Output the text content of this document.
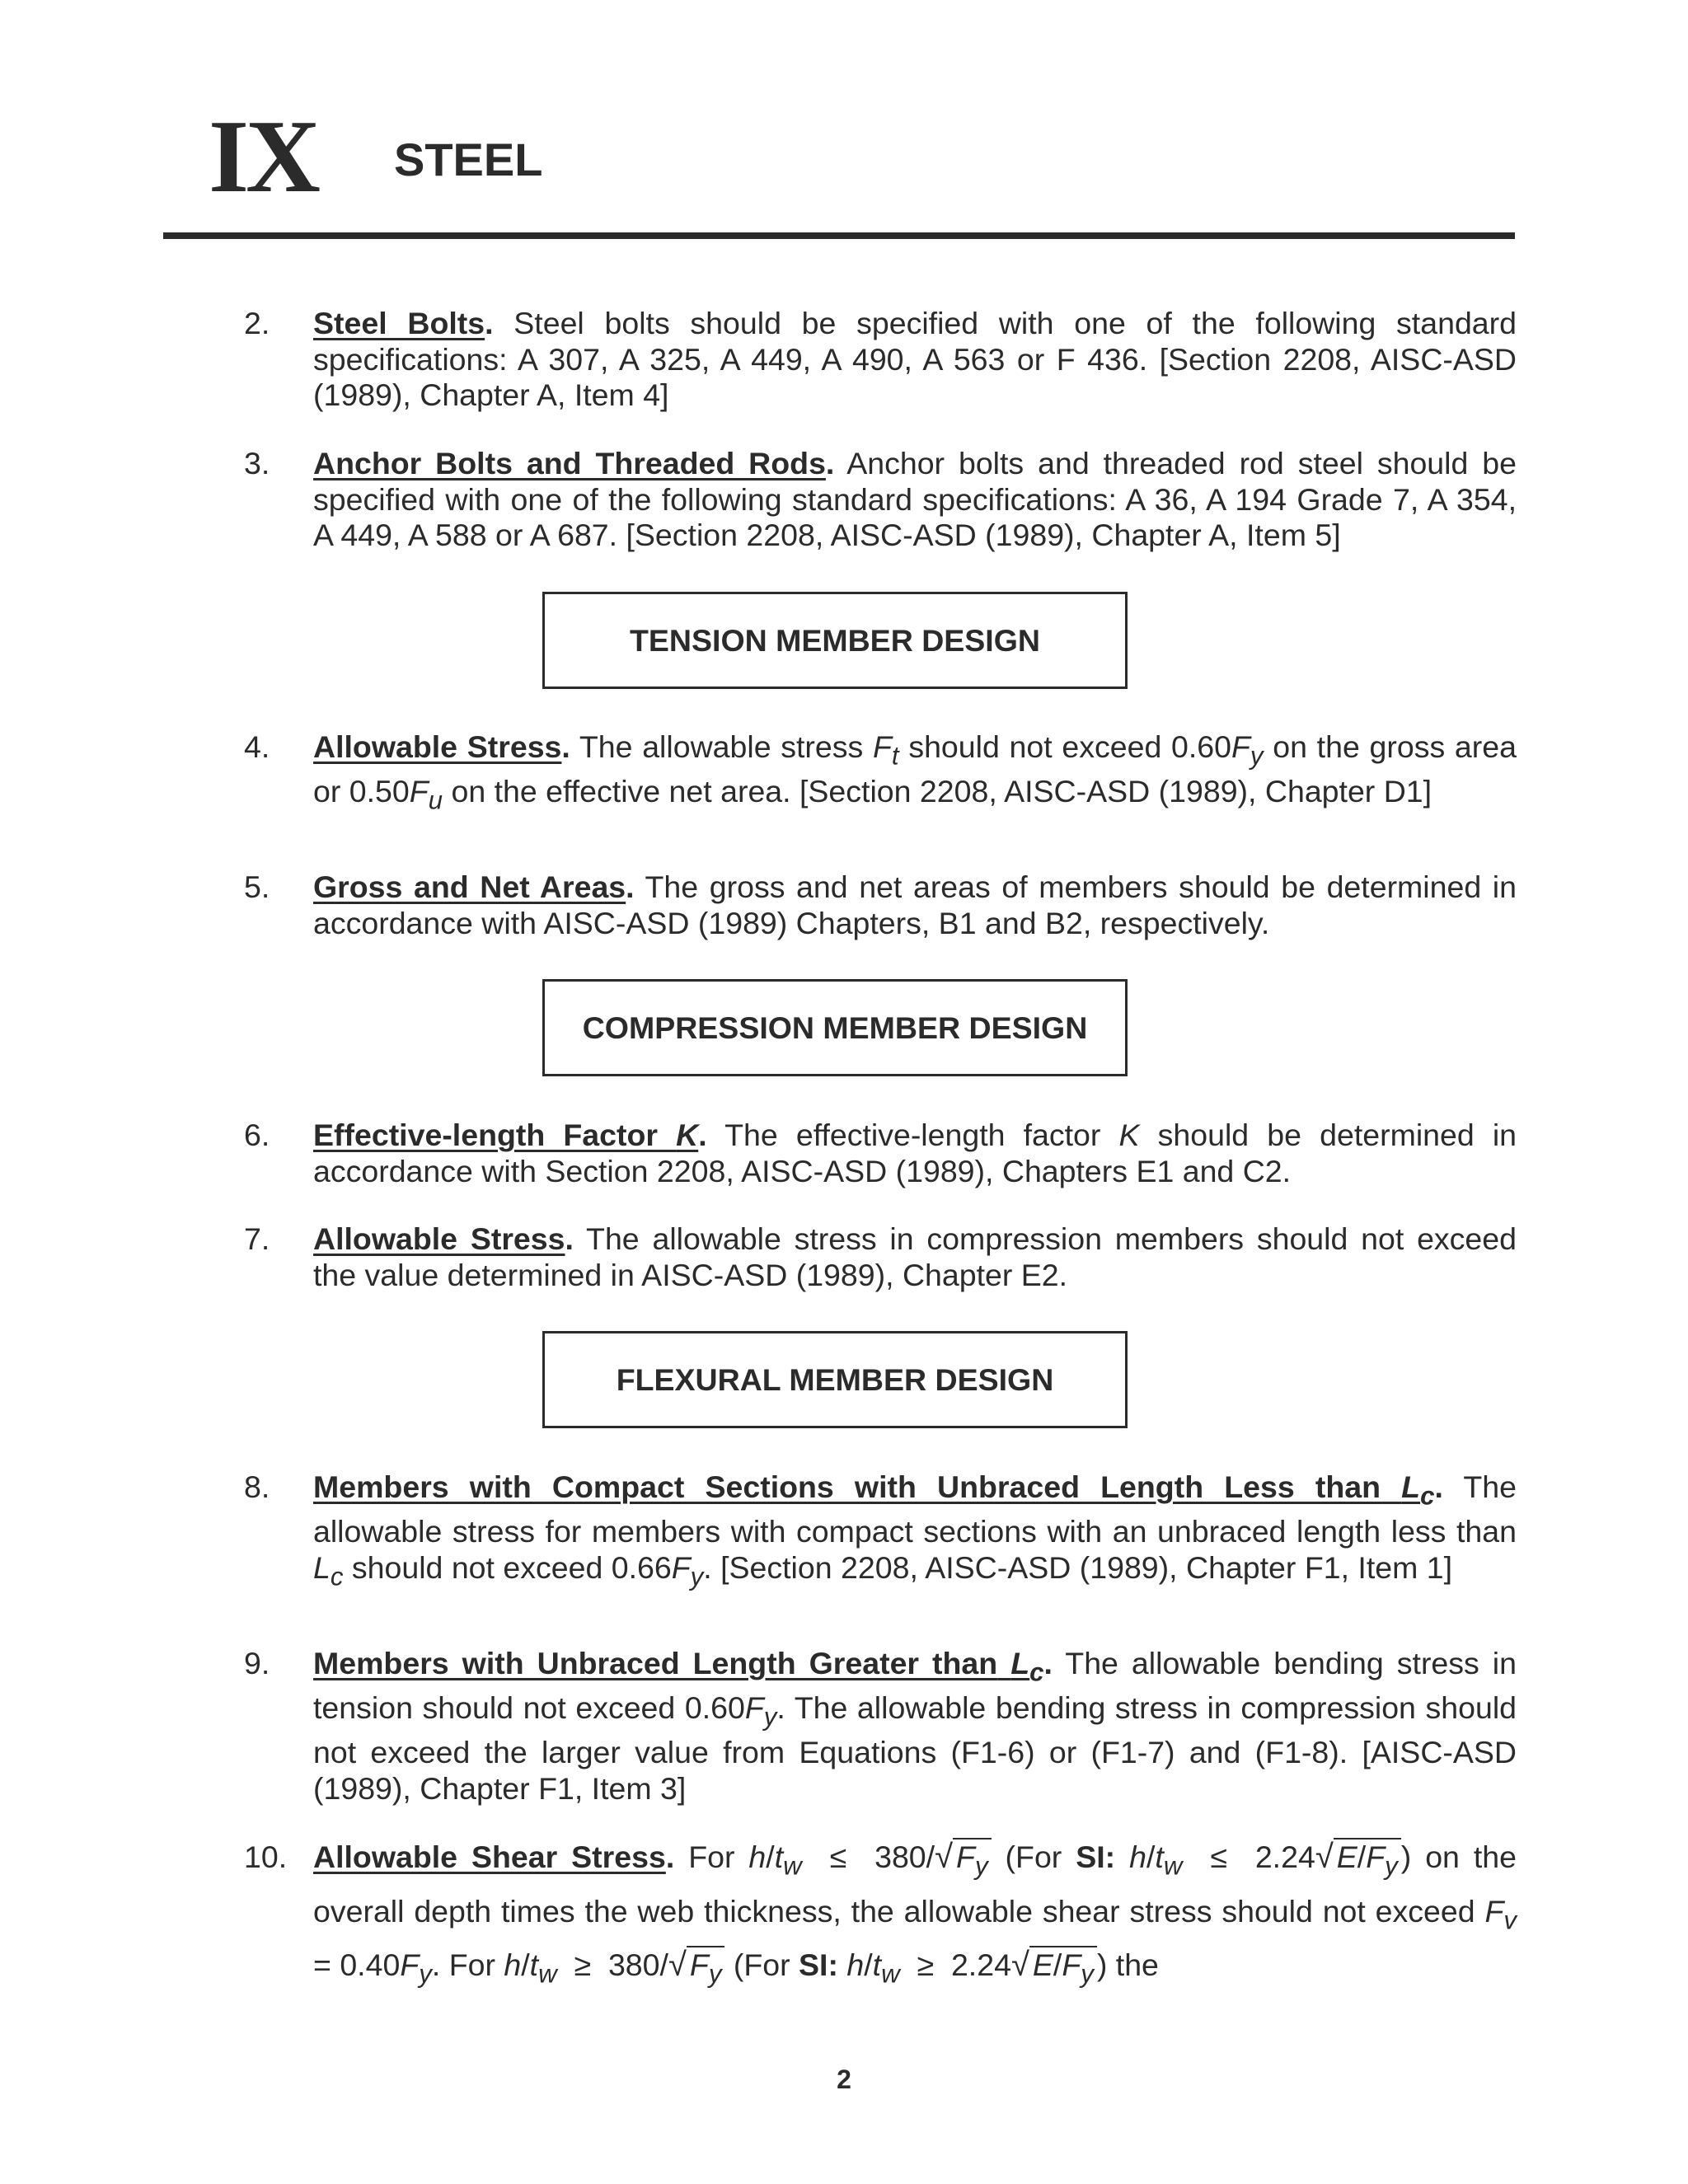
IX STEEL
2. Steel Bolts. Steel bolts should be specified with one of the following standard specifications: A 307, A 325, A 449, A 490, A 563 or F 436. [Section 2208, AISC-ASD (1989), Chapter A, Item 4]

3. Anchor Bolts and Threaded Rods. Anchor bolts and threaded rod steel should be specified with one of the following standard specifications: A 36, A 194 Grade 7, A 354, A 449, A 588 or A 687. [Section 2208, AISC-ASD (1989), Chapter A, Item 5]

TENSION MEMBER DESIGN
4. Allowable Stress. The allowable stress $F_t$ should not exceed $0.60F_y$ on the gross area or $0.50F_u$ on the effective net area. [Section 2208, AISC-ASD (1989), Chapter D1]

5. Gross and Net Areas. The gross and net areas of members should be determined in accordance with AISC-ASD (1989) Chapters, B1 and B2, respectively.

COMPRESSION MEMBER DESIGN
6. Effective-length Factor K. The effective-length factor K should be determined in accordance with Section 2208, AISC-ASD (1989), Chapters E1 and C2.

7. Allowable Stress. The allowable stress in compression members should not exceed the value determined in AISC-ASD (1989), Chapter E2.

FLEXURAL MEMBER DESIGN
8. Members with Compact Sections with Unbraced Length Less than $L_c$. The allowable stress for members with compact sections with an unbraced length less than $L_c$ should not exceed $0.66F_y$. [Section 2208, AISC-ASD (1989), Chapter F1, Item 1]

9. Members with Unbraced Length Greater than $L_c$. The allowable bending stress in tension should not exceed $0.60F_y$. The allowable bending stress in compression should not exceed the larger value from Equations (F1-6) or (F1-7) and (F1-8). [AISC-ASD (1989), Chapter F1, Item 3]

10. Allowable Shear Stress. For $h/t_w \le 380/√$ $F_y$ (For SI: $h/t_w \le 2.24√$ $E/F_y$ ) on the overall depth times the web thickness, the allowable shear stress should not exceed $F_v = 0.40F_y$. For $h/t_w \ge 380/√$ $F_y$ (For SI: $h/t_w \ge 2.24√$ $E/F_y$ ) the

2
